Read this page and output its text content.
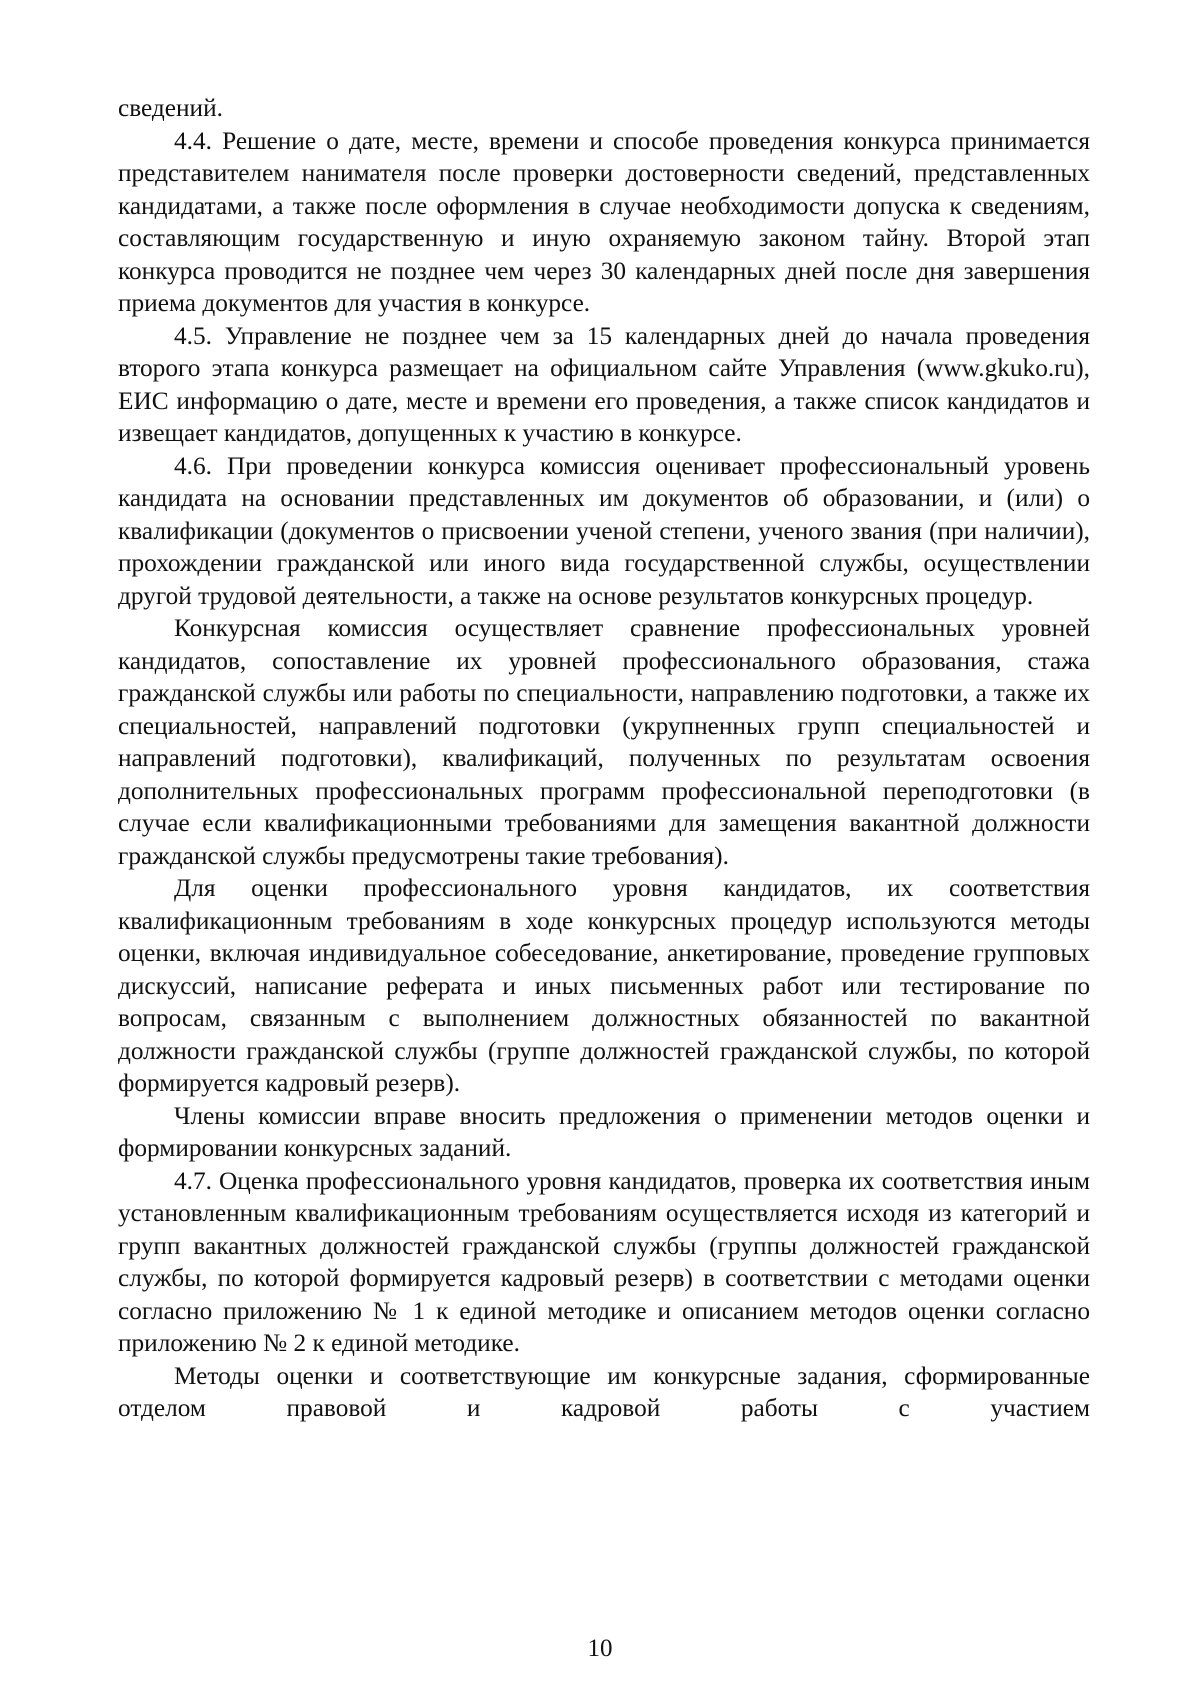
сведений.

4.4. Решение о дате, месте, времени и способе проведения конкурса принимается представителем нанимателя после проверки достоверности сведений, представленных кандидатами, а также после оформления в случае необходимости допуска к сведениям, составляющим государственную и иную охраняемую законом тайну. Второй этап конкурса проводится не позднее чем через 30 календарных дней после дня завершения приема документов для участия в конкурсе.

4.5. Управление не позднее чем за 15 календарных дней до начала проведения второго этапа конкурса размещает на официальном сайте Управления (www.gkuko.ru), ЕИС информацию о дате, месте и времени его проведения, а также список кандидатов и извещает кандидатов, допущенных к участию в конкурсе.

4.6. При проведении конкурса комиссия оценивает профессиональный уровень кандидата на основании представленных им документов об образовании, и (или) о квалификации (документов о присвоении ученой степени, ученого звания (при наличии), прохождении гражданской или иного вида государственной службы, осуществлении другой трудовой деятельности, а также на основе результатов конкурсных процедур.

Конкурсная комиссия осуществляет сравнение профессиональных уровней кандидатов, сопоставление их уровней профессионального образования, стажа гражданской службы или работы по специальности, направлению подготовки, а также их специальностей, направлений подготовки (укрупненных групп специальностей и направлений подготовки), квалификаций, полученных по результатам освоения дополнительных профессиональных программ профессиональной переподготовки (в случае если квалификационными требованиями для замещения вакантной должности гражданской службы предусмотрены такие требования).

Для оценки профессионального уровня кандидатов, их соответствия квалификационным требованиям в ходе конкурсных процедур используются методы оценки, включая индивидуальное собеседование, анкетирование, проведение групповых дискуссий, написание реферата и иных письменных работ или тестирование по вопросам, связанным с выполнением должностных обязанностей по вакантной должности гражданской службы (группе должностей гражданской службы, по которой формируется кадровый резерв).

Члены комиссии вправе вносить предложения о применении методов оценки и формировании конкурсных заданий.

4.7. Оценка профессионального уровня кандидатов, проверка их соответствия иным установленным квалификационным требованиям осуществляется исходя из категорий и групп вакантных должностей гражданской службы (группы должностей гражданской службы, по которой формируется кадровый резерв) в соответствии с методами оценки согласно приложению № 1 к единой методике и описанием методов оценки согласно приложению № 2 к единой методике.

Методы оценки и соответствующие им конкурсные задания, сформированные отделом правовой и кадровой работы с участием

10
